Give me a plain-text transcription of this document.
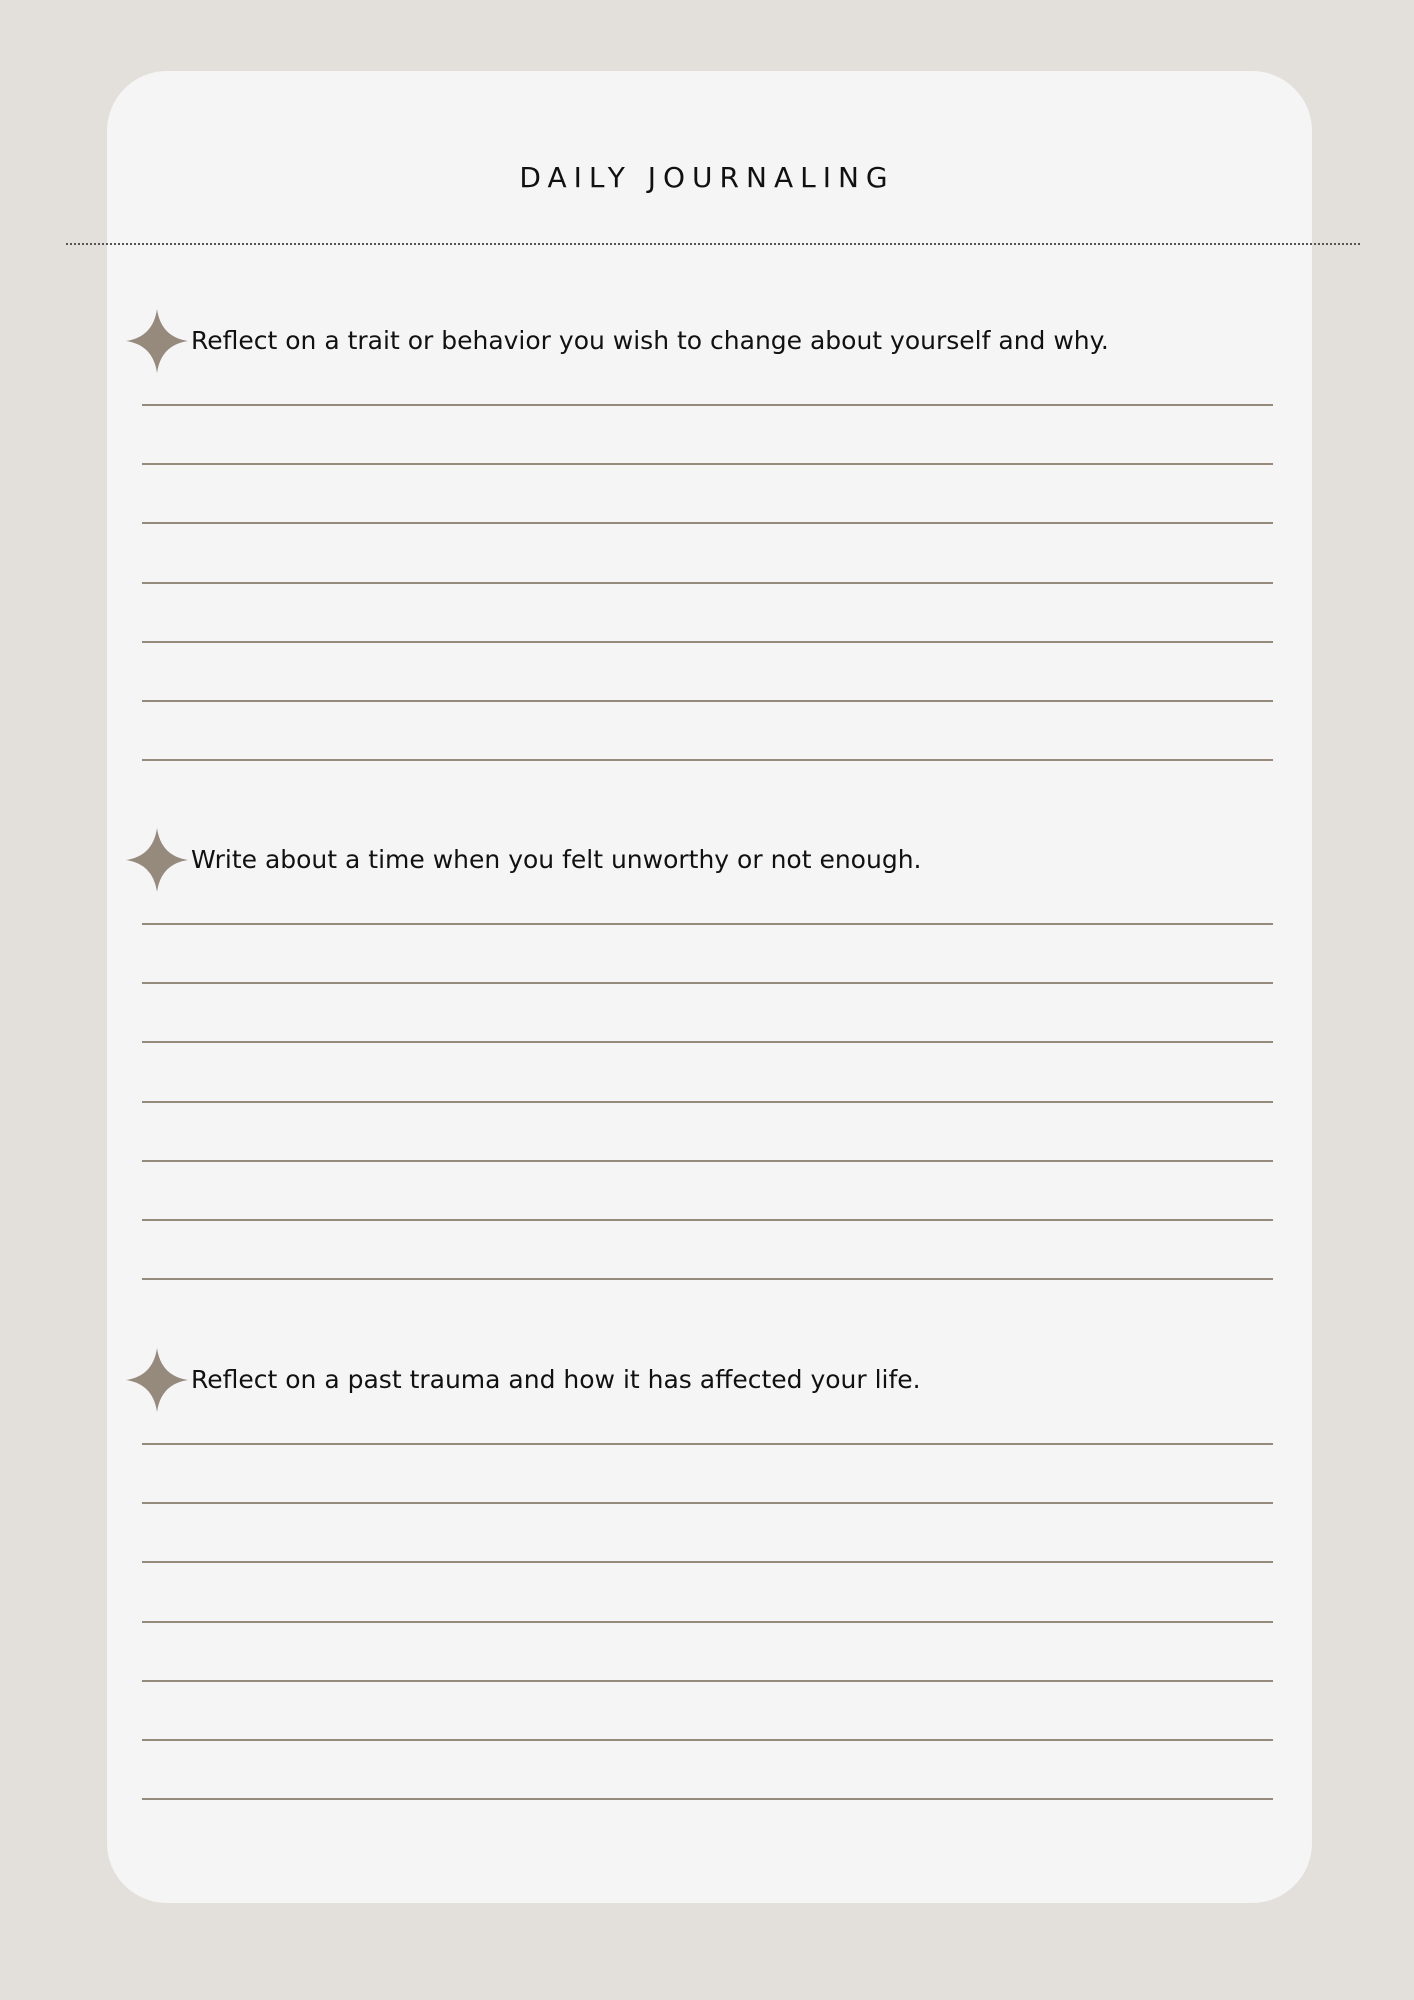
DAILY JOURNALING
Reflect on a trait or behavior you wish to change about yourself and why.
Write about a time when you felt unworthy or not enough.
Reflect on a past trauma and how it has affected your life.
